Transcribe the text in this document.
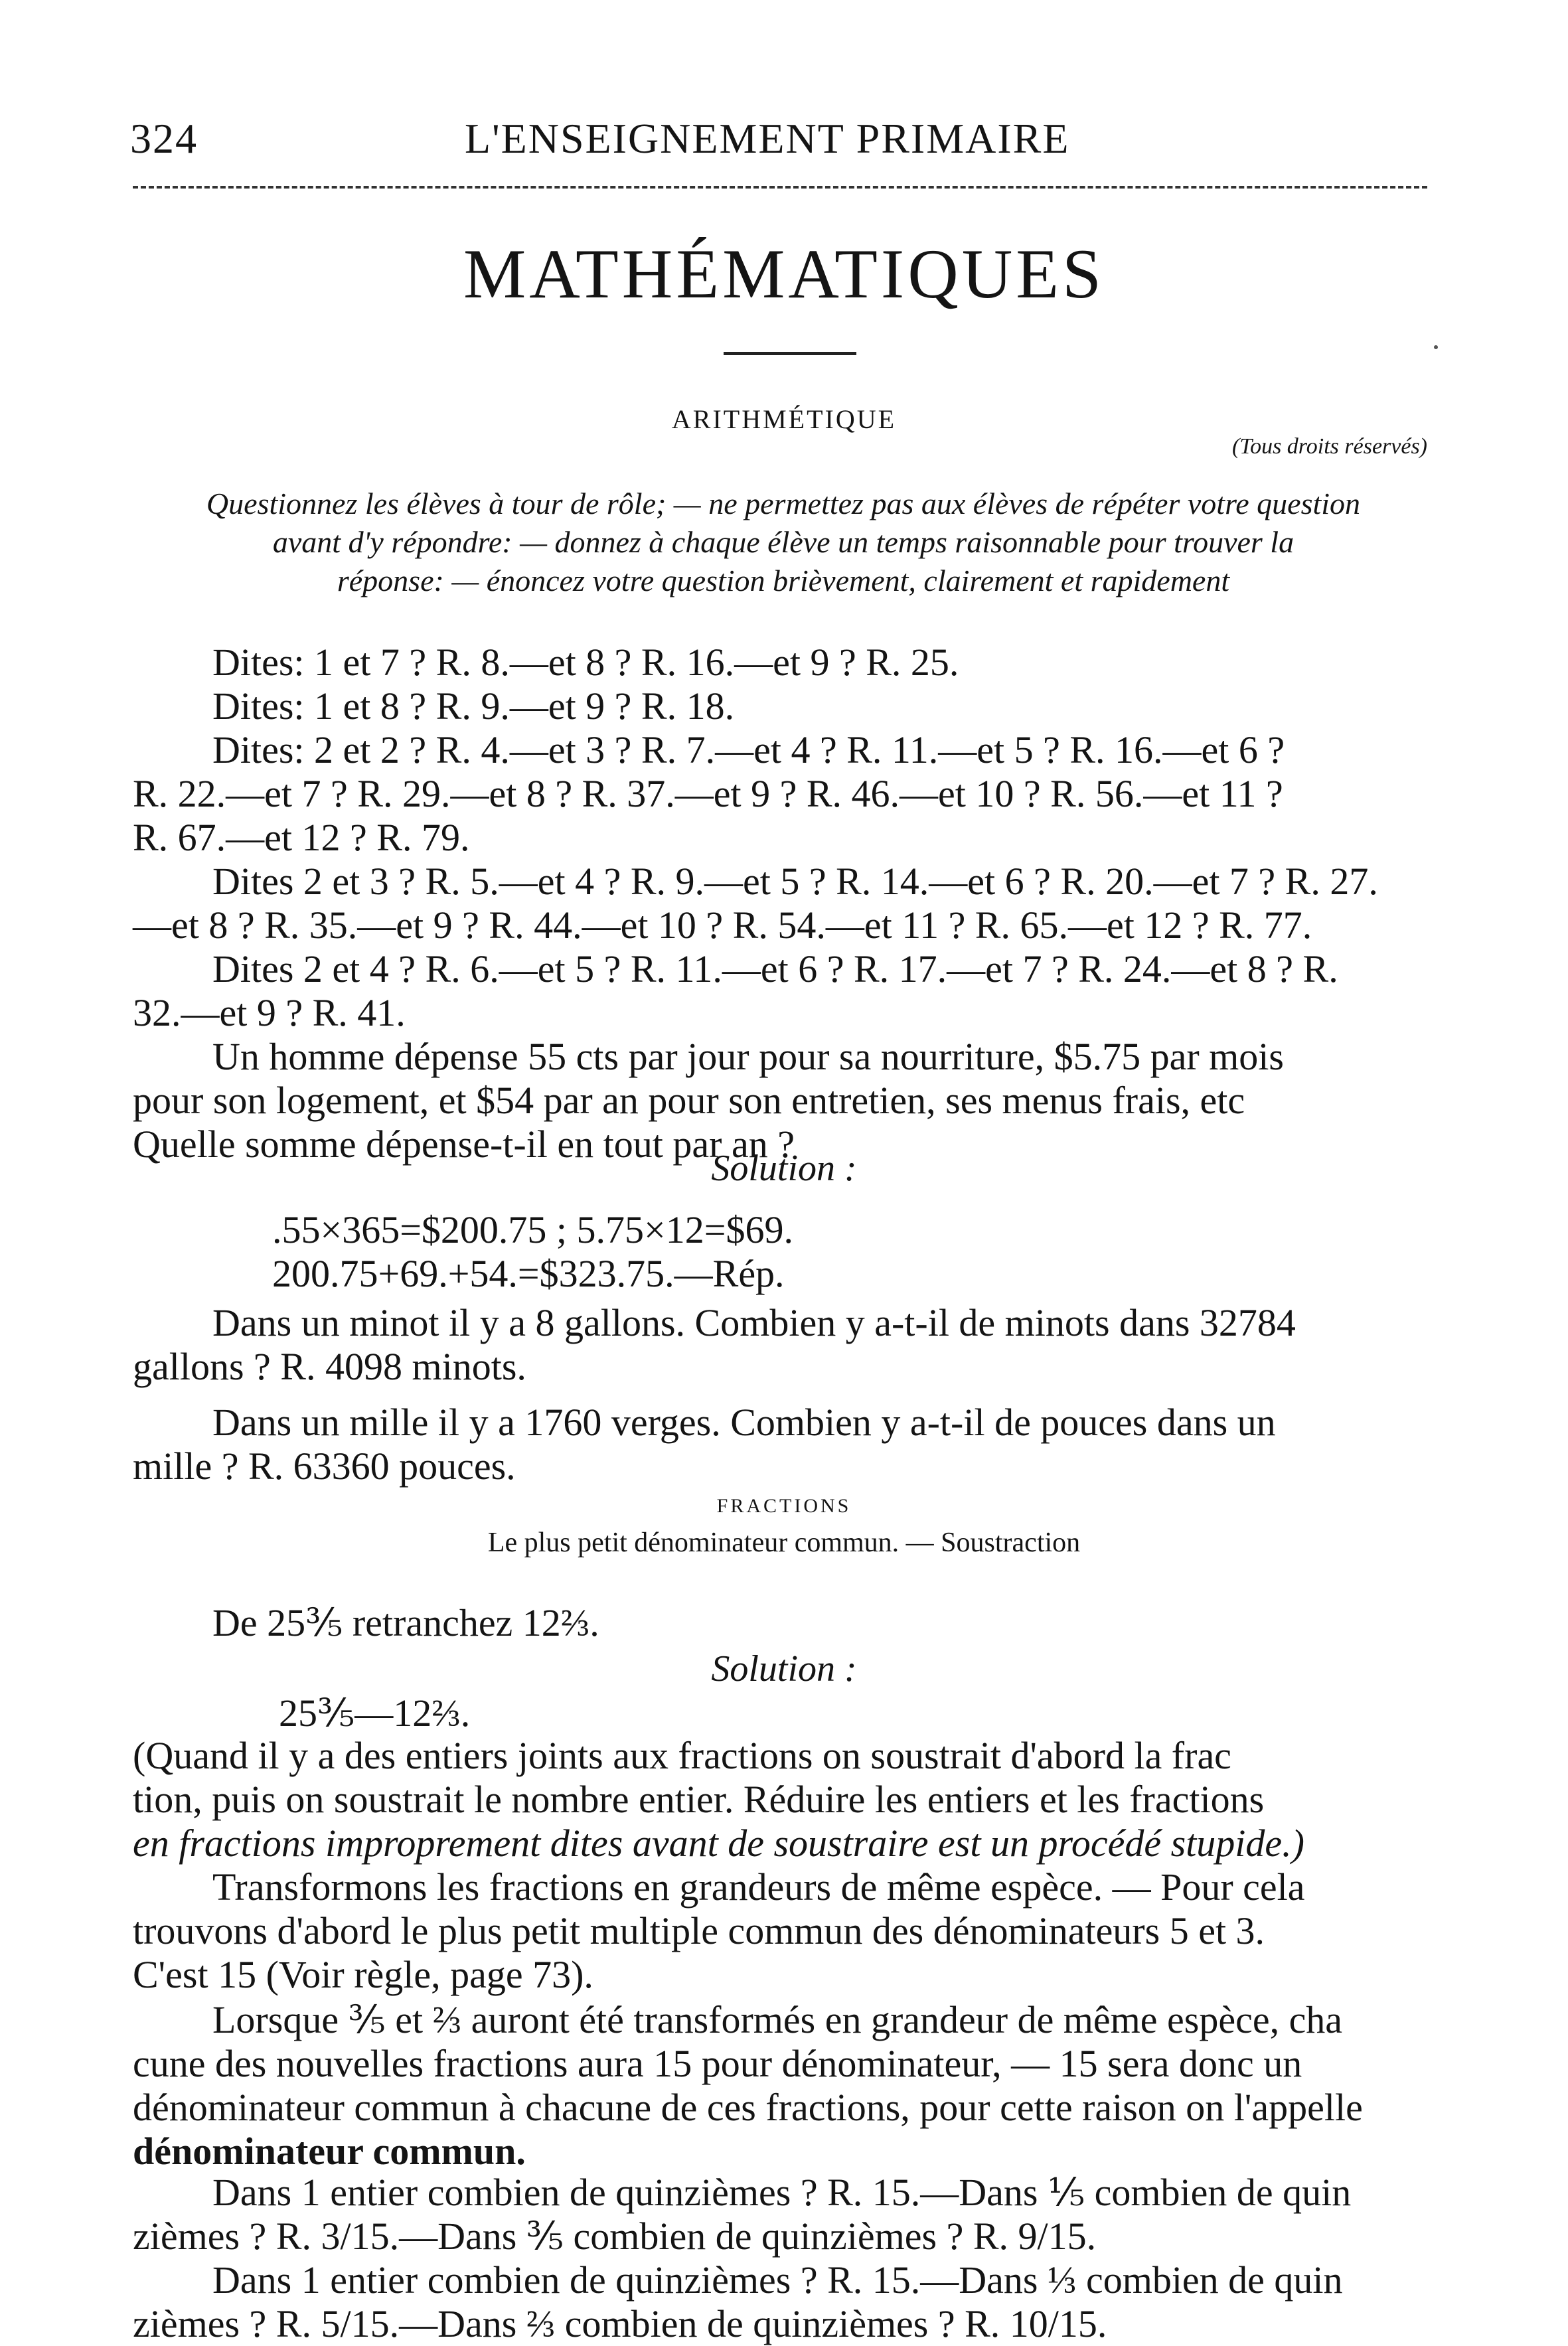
324	L'ENSEIGNEMENT PRIMAIRE
MATHÉMATIQUES
ARITHMÉTIQUE
(Tous droits réservés)
Questionnez les élèves à tour de rôle; — ne permettez pas aux élèves de répéter votre question
avant d'y répondre: — donnez à chaque élève un temps raisonnable pour trouver la
réponse: — énoncez votre question brièvement, clairement et rapidement
Dites: 1 et 7 ? R. 8.—et 8 ? R. 16.—et 9 ? R. 25.
Dites: 1 et 8 ? R. 9.—et 9 ? R. 18.
Dites: 2 et 2 ? R. 4.—et 3 ? R. 7.—et 4 ? R. 11.—et 5 ? R. 16.—et 6 ?
R. 22.—et 7 ? R. 29.—et 8 ? R. 37.—et 9 ? R. 46.—et 10 ? R. 56.—et 11 ?
R. 67.—et 12 ? R. 79.
Dites 2 et 3 ? R. 5.—et 4 ? R. 9.—et 5 ? R. 14.—et 6 ? R. 20.—et 7 ? R. 27.
—et 8 ? R. 35.—et 9 ? R. 44.—et 10 ? R. 54.—et 11 ? R. 65.—et 12 ? R. 77.
Dites 2 et 4 ? R. 6.—et 5 ? R. 11.—et 6 ? R. 17.—et 7 ? R. 24.—et 8 ? R.
32.—et 9 ? R. 41.
Un homme dépense 55 cts par jour pour sa nourriture, $5.75 par mois
pour son logement, et $54 par an pour son entretien, ses menus frais, etc
Quelle somme dépense-t-il en tout par an ?
Solution :
.55×365=$200.75 ; 5.75×12=$69.
200.75+69.+54.=$323.75.—Rép.
Dans un minot il y a 8 gallons. Combien y a-t-il de minots dans 32784
gallons ? R. 4098 minots.
Dans un mille il y a 1760 verges. Combien y a-t-il de pouces dans un
mille ? R. 63360 pouces.
FRACTIONS
Le plus petit dénominateur commun. — Soustraction
De 25⅗ retranchez 12⅔.
Solution :
25⅗—12⅔.
(Quand il y a des entiers joints aux fractions on soustrait d'abord la frac
tion, puis on soustrait le nombre entier. Réduire les entiers et les fractions
en fractions improprement dites avant de soustraire est un procédé stupide.)
Transformons les fractions en grandeurs de même espèce. — Pour cela
trouvons d'abord le plus petit multiple commun des dénominateurs 5 et 3.
C'est 15 (Voir règle, page 73).
Lorsque ⅗ et ⅔ auront été transformés en grandeur de même espèce, cha
cune des nouvelles fractions aura 15 pour dénominateur, — 15 sera donc un
dénominateur commun à chacune de ces fractions, pour cette raison on l'appelle
dénominateur commun.
Dans 1 entier combien de quinzièmes ? R. 15.—Dans ⅕ combien de quin
zièmes ? R. 3/15.—Dans ⅗ combien de quinzièmes ? R. 9/15.
Dans 1 entier combien de quinzièmes ? R. 15.—Dans ⅓ combien de quin
zièmes ? R. 5/15.—Dans ⅔ combien de quinzièmes ? R. 10/15.
